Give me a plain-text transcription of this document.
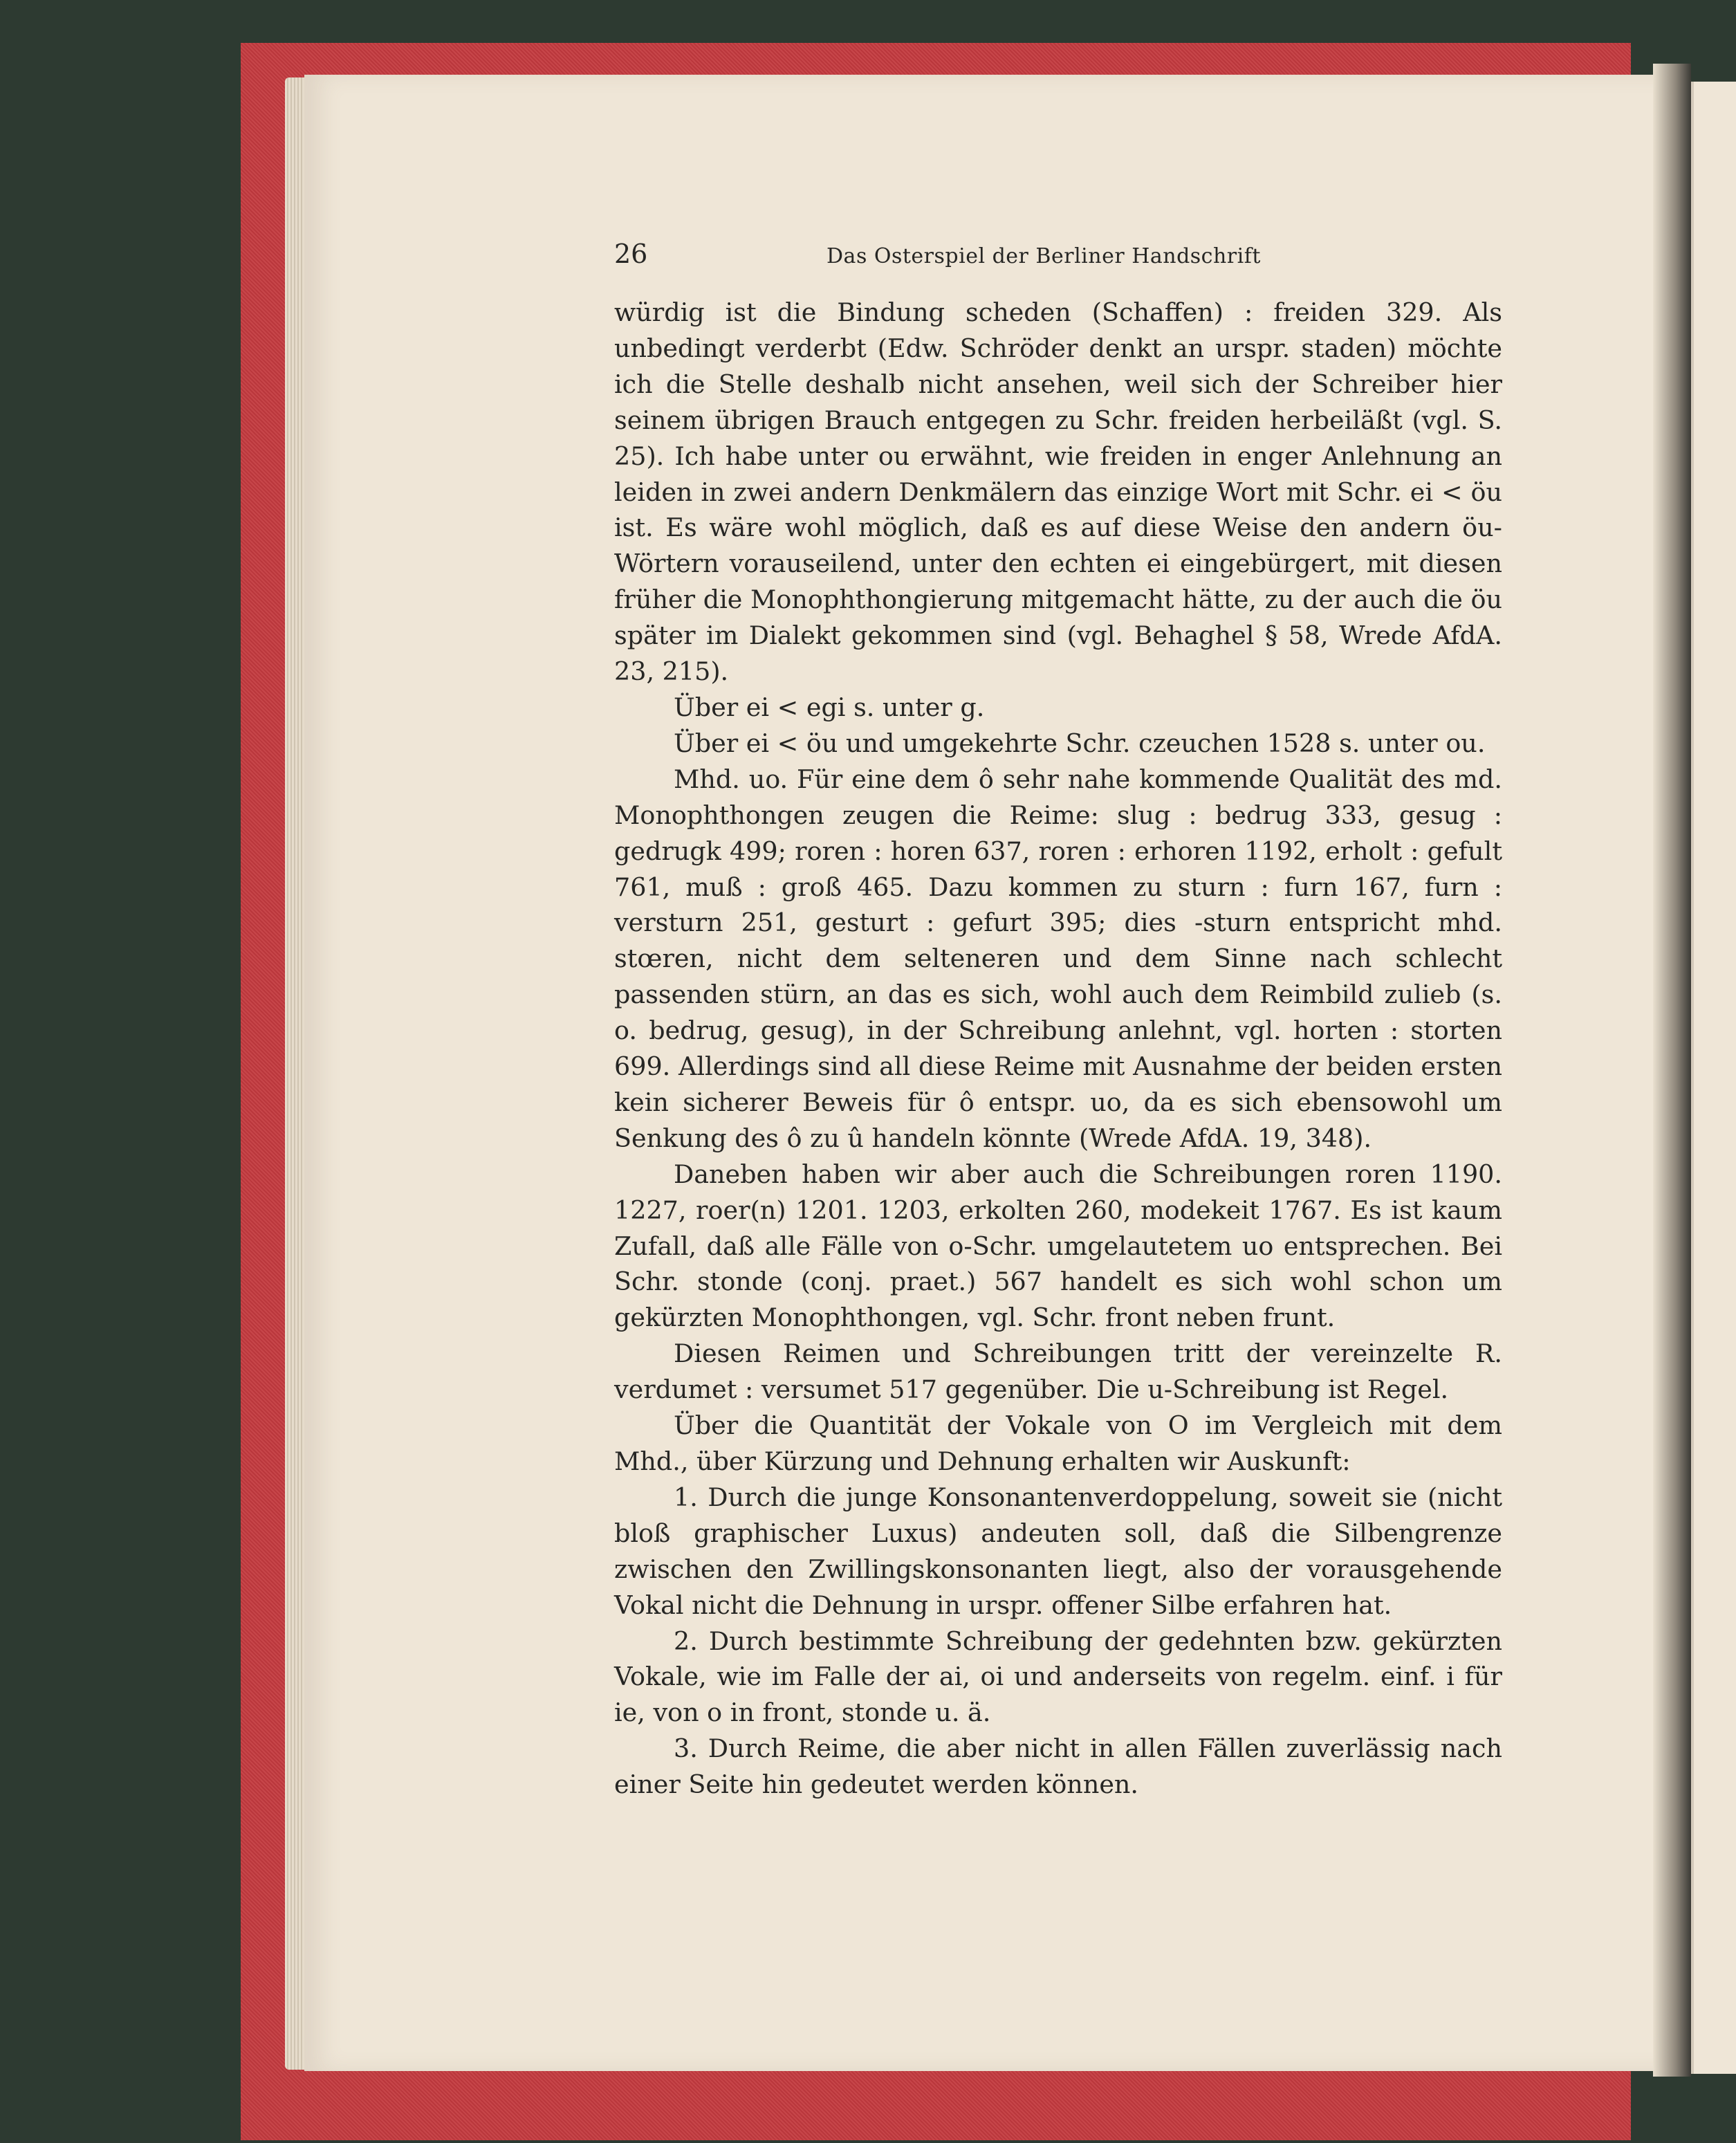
26	Das Osterspiel der Berliner Handschrift

würdig ist die Bindung scheden (Schaffen) : freiden 329. Als unbedingt verderbt (Edw. Schröder denkt an urspr. staden) möchte ich die Stelle deshalb nicht ansehen, weil sich der Schreiber hier seinem übrigen Brauch entgegen zu Schr. freiden herbeiläßt (vgl. S. 25). Ich habe unter ou erwähnt, wie freiden in enger Anlehnung an leiden in zwei andern Denkmälern das einzige Wort mit Schr. ei < öu ist. Es wäre wohl möglich, daß es auf diese Weise den andern öu-Wörtern vorauseilend, unter den echten ei eingebürgert, mit diesen früher die Monophthongierung mitgemacht hätte, zu der auch die öu später im Dialekt gekommen sind (vgl. Behaghel § 58, Wrede AfdA. 23, 215).

Über ei < egi s. unter g.

Über ei < öu und umgekehrte Schr. czeuchen 1528 s. unter ou.

Mhd. uo. Für eine dem ô sehr nahe kommende Qualität des md. Monophthongen zeugen die Reime: slug : bedrug 333, gesug : gedrugk 499; roren : horen 637, roren : erhoren 1192, erholt : gefult 761, muß : groß 465. Dazu kommen zu sturn : furn 167, furn : versturn 251, gesturt : gefurt 395; dies -sturn entspricht mhd. stœren, nicht dem selteneren und dem Sinne nach schlecht passenden stürn, an das es sich, wohl auch dem Reimbild zulieb (s. o. bedrug, gesug), in der Schreibung anlehnt, vgl. horten : storten 699. Allerdings sind all diese Reime mit Ausnahme der beiden ersten kein sicherer Beweis für ô entspr. uo, da es sich ebensowohl um Senkung des ô zu û handeln könnte (Wrede AfdA. 19, 348).

Daneben haben wir aber auch die Schreibungen roren 1190. 1227, roer(n) 1201. 1203, erkolten 260, modekeit 1767. Es ist kaum Zufall, daß alle Fälle von o-Schr. umgelautetem uo entsprechen. Bei Schr. stonde (conj. praet.) 567 handelt es sich wohl schon um gekürzten Monophthongen, vgl. Schr. front neben frunt.

Diesen Reimen und Schreibungen tritt der vereinzelte R. verdumet : versumet 517 gegenüber. Die u-Schreibung ist Regel.

Über die Quantität der Vokale von O im Vergleich mit dem Mhd., über Kürzung und Dehnung erhalten wir Auskunft:

1. Durch die junge Konsonantenverdoppelung, soweit sie (nicht bloß graphischer Luxus) andeuten soll, daß die Silbengrenze zwischen den Zwillingskonsonanten liegt, also der vorausgehende Vokal nicht die Dehnung in urspr. offener Silbe erfahren hat.

2. Durch bestimmte Schreibung der gedehnten bzw. gekürzten Vokale, wie im Falle der ai, oi und anderseits von regelm. einf. i für ie, von o in front, stonde u. ä.

3. Durch Reime, die aber nicht in allen Fällen zuverlässig nach einer Seite hin gedeutet werden können.
